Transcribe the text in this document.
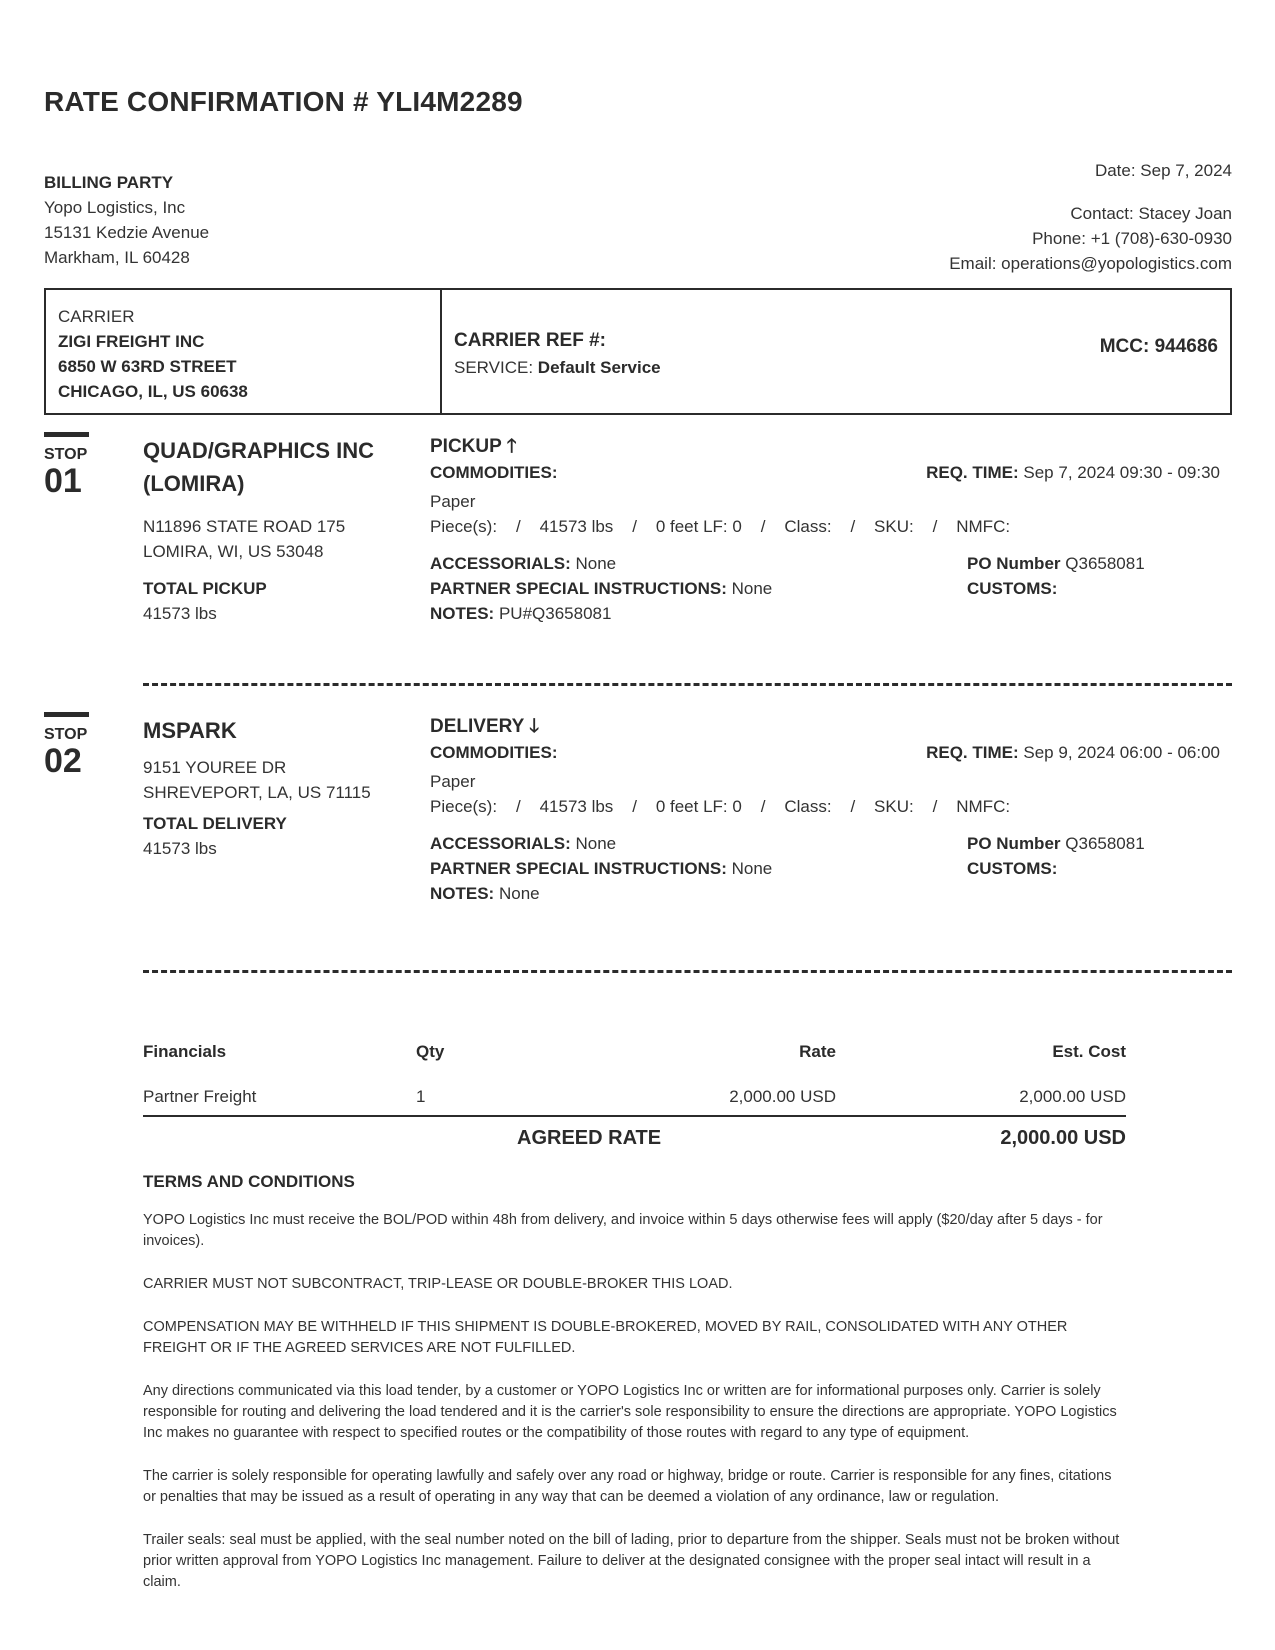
RATE CONFIRMATION # YLI4M2289
BILLING PARTY
Yopo Logistics, Inc
15131 Kedzie Avenue
Markham, IL 60428
Date: Sep 7, 2024
Contact: Stacey Joan
Phone: +1 (708)-630-0930
Email: operations@yopologistics.com
CARRIER
ZIGI FREIGHT INC
6850 W 63RD STREET
CHICAGO, IL, US 60638
CARRIER REF #:
SERVICE: Default Service
MCC: 944686
STOP
01
QUAD/GRAPHICS INC (LOMIRA)
N11896 STATE ROAD 175
LOMIRA, WI, US 53048
TOTAL PICKUP
41573 lbs
PICKUP 🡑
COMMODITIES:	REQ. TIME: Sep 7, 2024 09:30 - 09:30
Paper
Piece(s):    /    41573 lbs    /    0 feet LF: 0    /    Class:    /    SKU:    /    NMFC:
ACCESSORIALS: None
PARTNER SPECIAL INSTRUCTIONS: None
NOTES: PU#Q3658081
PO Number Q3658081
CUSTOMS:
STOP
02
MSPARK
9151 YOUREE DR
SHREVEPORT, LA, US 71115
TOTAL DELIVERY
41573 lbs
DELIVERY 🡓
COMMODITIES:	REQ. TIME: Sep 9, 2024 06:00 - 06:00
Paper
Piece(s):    /    41573 lbs    /    0 feet LF: 0    /    Class:    /    SKU:    /    NMFC:
ACCESSORIALS: None
PARTNER SPECIAL INSTRUCTIONS: None
NOTES: None
PO Number Q3658081
CUSTOMS:
Financials	Qty	Rate	Est. Cost
Partner Freight	1	2,000.00 USD	2,000.00 USD
AGREED RATE	2,000.00 USD
TERMS AND CONDITIONS

YOPO Logistics Inc must receive the BOL/POD within 48h from delivery, and invoice within 5 days otherwise fees will apply ($20/day after 5 days - for invoices).

CARRIER MUST NOT SUBCONTRACT, TRIP-LEASE OR DOUBLE-BROKER THIS LOAD.

COMPENSATION MAY BE WITHHELD IF THIS SHIPMENT IS DOUBLE-BROKERED, MOVED BY RAIL, CONSOLIDATED WITH ANY OTHER FREIGHT OR IF THE AGREED SERVICES ARE NOT FULFILLED.

Any directions communicated via this load tender, by a customer or YOPO Logistics Inc or written are for informational purposes only. Carrier is solely responsible for routing and delivering the load tendered and it is the carrier's sole responsibility to ensure the directions are appropriate. YOPO Logistics Inc makes no guarantee with respect to specified routes or the compatibility of those routes with regard to any type of equipment.

The carrier is solely responsible for operating lawfully and safely over any road or highway, bridge or route. Carrier is responsible for any fines, citations or penalties that may be issued as a result of operating in any way that can be deemed a violation of any ordinance, law or regulation.

Trailer seals: seal must be applied, with the seal number noted on the bill of lading, prior to departure from the shipper. Seals must not be broken without prior written approval from YOPO Logistics Inc management. Failure to deliver at the designated consignee with the proper seal intact will result in a claim.
